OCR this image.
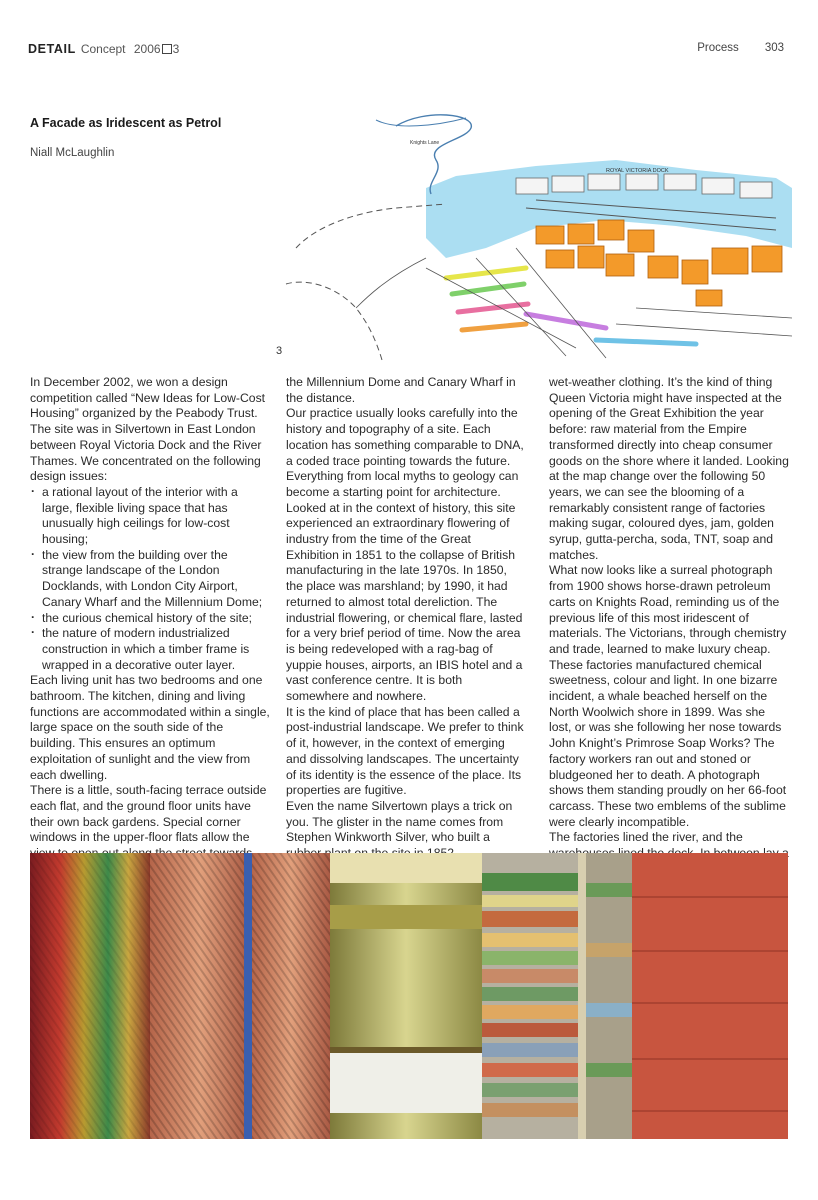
DETAIL Concept 2006 3	Process 303
A Facade as Iridescent as Petrol
Niall McLaughlin
ROYAL VICTORIA DOCK
Knights Lane
3

In December 2002, we won a design competition called “New Ideas for Low-Cost Housing” organized by the Peabody Trust. The site was in Silvertown in East London between Royal Victoria Dock and the River Thames. We concentrated on the following design issues:

· a rational layout of the interior with a large, flexible living space that has unusually high ceilings for low-cost housing;
· the view from the building over the strange landscape of the London Docklands, with London City Airport, Canary Wharf and the Millennium Dome;
· the curious chemical history of the site;
· the nature of modern industrialized construction in which a timber frame is wrapped in a decorative outer layer.

Each living unit has two bedrooms and one bathroom. The kitchen, dining and living functions are accommodated within a single, large space on the south side of the building. This ensures an optimum exploitation of sunlight and the view from each dwelling.

There is a little, south-facing terrace outside each flat, and the ground floor units have their own back gardens. Special corner windows in the upper-floor flats allow the

the Millennium Dome and Canary Wharf in the distance.

Our practice usually looks carefully into the history and topography of a site. Each location has something comparable to DNA, a coded trace pointing towards the future. Everything from local myths to geology can become a starting point for architecture.

Looked at in the context of history, this site experienced an extraordinary flowering of industry from the time of the Great Exhibition in 1851 to the collapse of British manufacturing in the late 1970s. In 1850, the place was marshland; by 1990, it had returned to almost total dereliction. The industrial flowering, or chemical flare, lasted for a very brief period of time. Now the area is being redeveloped with a rag-bag of yuppie houses, airports, an IBIS hotel and a vast conference centre. It is both somewhere and nowhere.

It is the kind of place that has been called a post-industrial landscape. We prefer to think of it, however, in the context of emerging and dissolving landscapes. The uncertainty of its identity is the essence of the place. Its properties are fugitive.

Even the name Silvertown plays a trick on you. The glister in the name comes from Stephen Winkworth Silver, who built a

wet-weather clothing. It’s the kind of thing Queen Victoria might have inspected at the opening of the Great Exhibition the year before: raw material from the Empire transformed directly into cheap consumer goods on the shore where it landed. Looking at the map change over the following 50 years, we can see the blooming of a remarkably consistent range of factories making sugar, coloured dyes, jam, golden syrup, gutta-percha, soda, TNT, soap and matches.

What now looks like a surreal photograph from 1900 shows horse-drawn petroleum carts on Knights Road, reminding us of the previous life of this most iridescent of materials. The Victorians, through chemistry and trade, learned to make luxury cheap. These factories manufactured chemical sweetness, colour and light. In one bizarre incident, a whale beached herself on the North Woolwich shore in 1899. Was she lost, or was she following her nose towards John Knight’s Primrose Soap Works? The factory workers ran out and stoned or bludgeoned her to death. A photograph shows them standing proudly on her 66-foot carcass. These two emblems of the sublime were clearly incompatible.

The factories lined the river, and the
